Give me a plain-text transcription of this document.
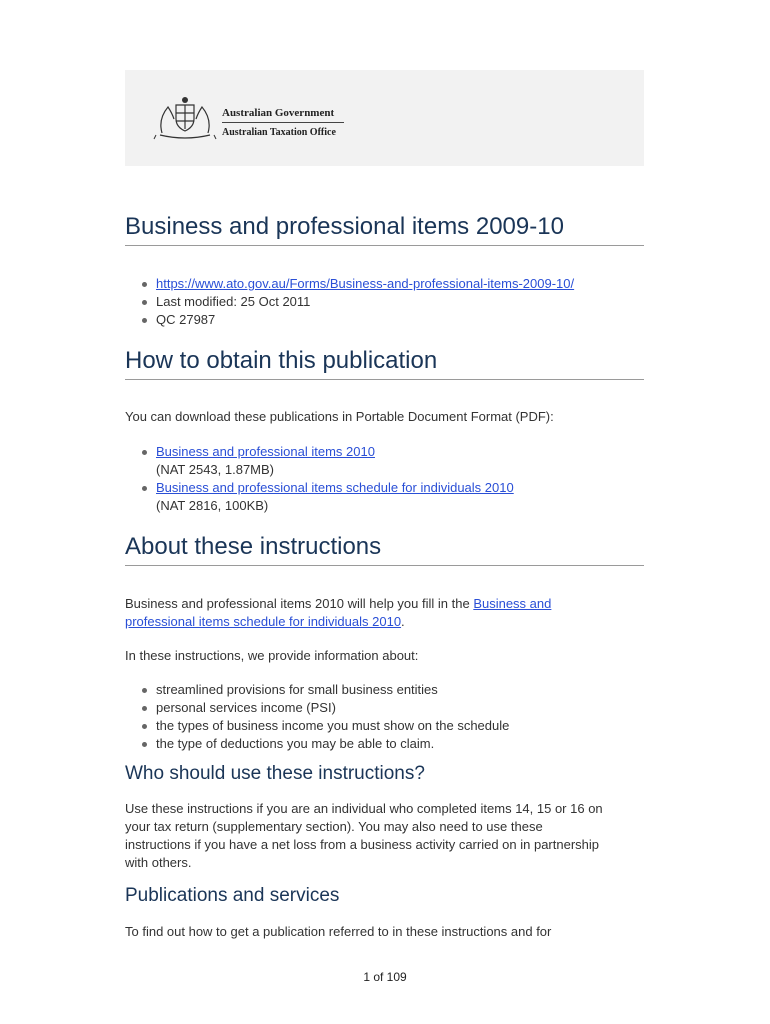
Australian Government
Australian Taxation Office
Business and professional items 2009-10
https://www.ato.gov.au/Forms/Business-and-professional-items-2009-10/
Last modified: 25 Oct 2011
QC 27987
How to obtain this publication

You can download these publications in Portable Document Format (PDF):

Business and professional items 2010
(NAT 2543, 1.87MB)
Business and professional items schedule for individuals 2010
(NAT 2816, 100KB)
About these instructions

Business and professional items 2010 will help you fill in the Business and
professional items schedule for individuals 2010.

In these instructions, we provide information about:

streamlined provisions for small business entities
personal services income (PSI)
the types of business income you must show on the schedule
the type of deductions you may be able to claim.
Who should use these instructions?

Use these instructions if you are an individual who completed items 14, 15 or 16 on
your tax return (supplementary section). You may also need to use these
instructions if you have a net loss from a business activity carried on in partnership
with others.

Publications and services

To find out how to get a publication referred to in these instructions and for

1 of 109
